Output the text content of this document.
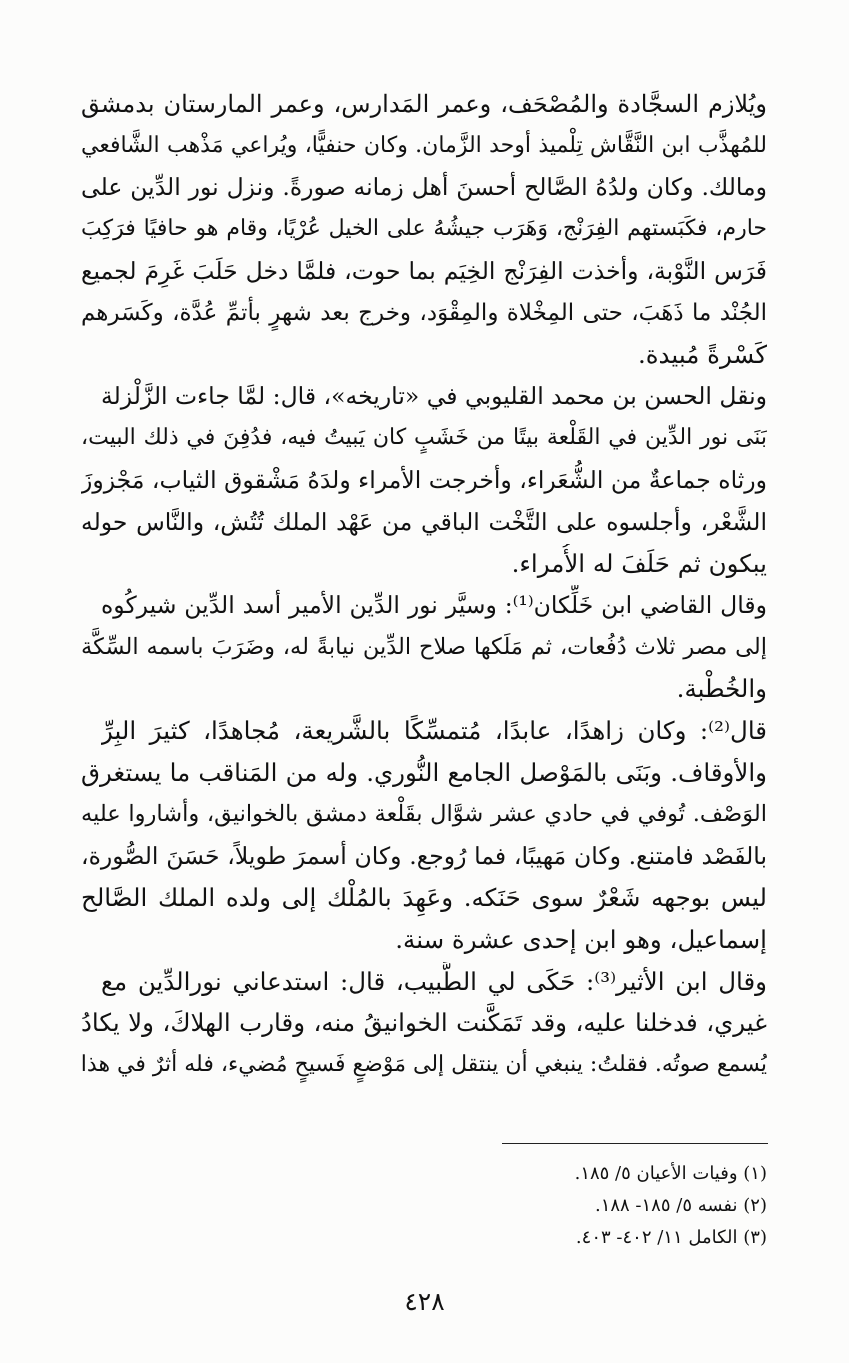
ويُلازم السجَّادة والمُصْحَف، وعمر المَدارس، وعمر المارستان بدمشق
للمُهذَّب ابن النَّقَّاش تِلْميذ أوحد الزَّمان. وكان حنفيًّا، ويُراعي مَذْهب الشَّافعي
ومالك. وكان ولدُهُ الصَّالح أحسنَ أهل زمانه صورةً. ونزل نور الدِّين على
حارم، فكَبَستهم الفِرَنْج، وَهَرَب جيشُهُ على الخيل عُرْيًا، وقام هو حافيًا فرَكِبَ
فَرَس النَّوْبة، وأخذت الفِرَنْج الخِيَم بما حوت، فلمَّا دخل حَلَبَ غَرِمَ لجميع
الجُنْد ما ذَهَبَ، حتى المِخْلاة والمِقْوَد، وخرج بعد شهرٍ بأتمِّ عُدَّة، وكَسَرهم
كَسْرةً مُبيدة.
ونقل الحسن بن محمد القليوبي في «تاريخه»، قال: لمَّا جاءت الزَّلْزلة
بَنَى نور الدِّين في القَلْعة بيتًا من خَشَبٍ كان يَبيتُ فيه، فدُفِنَ في ذلك البيت،
ورثاه جماعةٌ من الشُّعَراء، وأخرجت الأمراء ولدَهُ مَشْقوق الثياب، مَجْزوزَ
الشَّعْر، وأجلسوه على التَّخْت الباقي من عَهْد الملك تُتُش، والنَّاس حوله
يبكون ثم حَلَفَ له الأُمراء.
وقال القاضي ابن خَلِّكان⁽¹⁾: وسيَّر نور الدِّين الأمير أسد الدِّين شيركُوه
إلى مصر ثلاث دُفُعات، ثم مَلَكها صلاح الدِّين نيابةً له، وضَرَبَ باسمه السِّكَّة
والخُطْبة.
قال⁽²⁾: وكان زاهدًا، عابدًا، مُتمسِّكًا بالشَّريعة، مُجاهدًا، كثيرَ البِرِّ
والأوقاف. وبَنَى بالمَوْصل الجامع النُّوري. وله من المَناقب ما يستغرق
الوَصْف. تُوفي في حادي عشر شوَّال بقَلْعة دمشق بالخوانيق، وأشاروا عليه
بالفَصْد فامتنع. وكان مَهيبًا، فما رُوجع. وكان أسمرَ طويلاً، حَسَنَ الصُّورة،
ليس بوجهه شَعْرٌ سوى حَنَكه. وعَهِدَ بالمُلْك إلى ولده الملك الصَّالح
إسماعيل، وهو ابن إحدى عشرة سنة.
وقال ابن الأثير⁽³⁾: حَكَى لي الطَّبيب، قال: استدعاني نورالدِّين مع
غيري، فدخلنا عليه، وقد تَمَكَّنت الخوانيقُ منه، وقارب الهلاكَ، ولا يكادُ
يُسمع صوتُه. فقلتُ: ينبغي أن ينتقل إلى مَوْضعٍ فَسيحٍ مُضيء، فله أثرٌ في هذا
(١) وفيات الأعيان ٥/ ١٨٥.
(٢) نفسه ٥/ ١٨٥- ١٨٨.
(٣) الكامل ١١/ ٤٠٢- ٤٠٣.
٤٢٨
